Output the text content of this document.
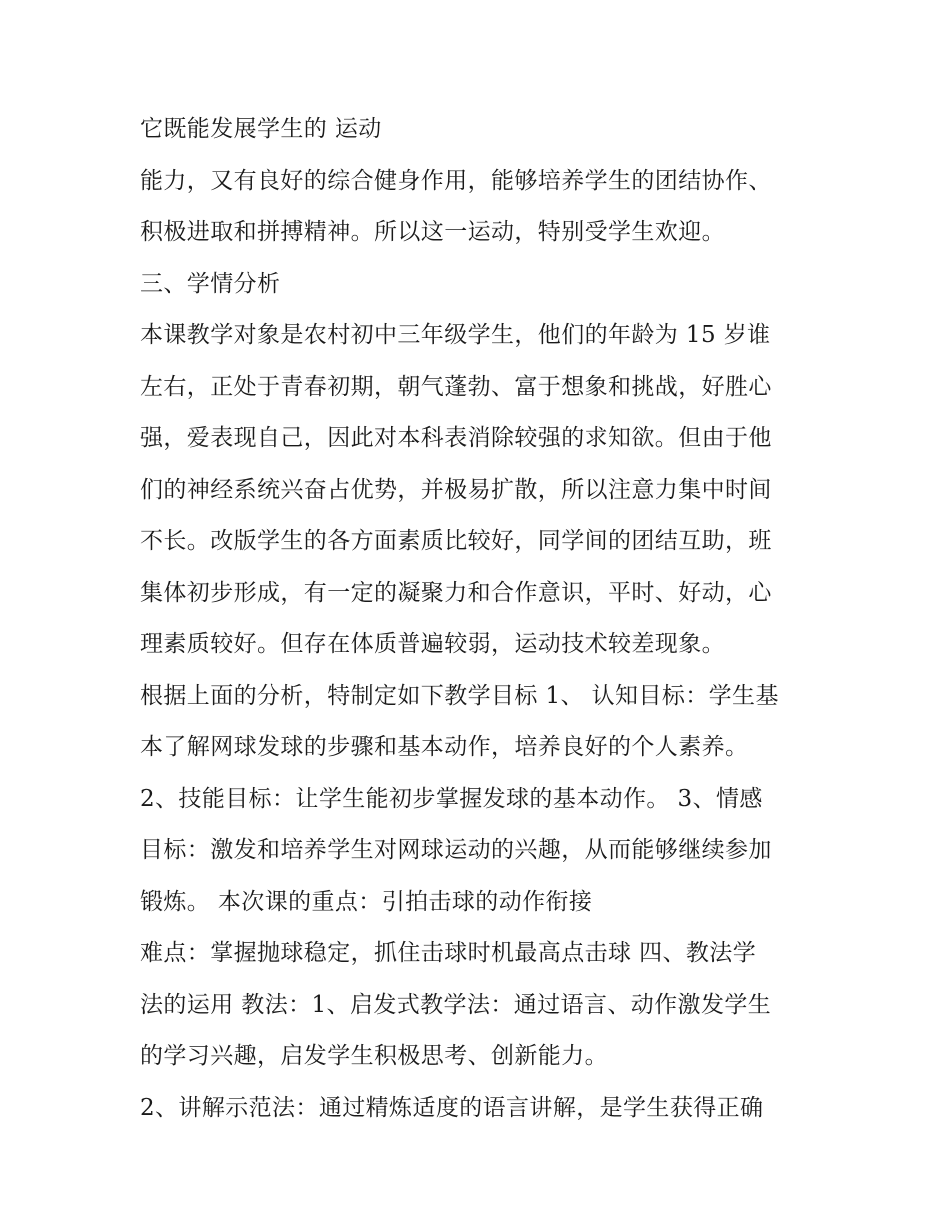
它既能发展学生的 运动
能力，又有良好的综合健身作用，能够培养学生的团结协作、
积极进取和拼搏精神。所以这一运动，特别受学生欢迎。
三、学情分析
本课教学对象是农村初中三年级学生，他们的年龄为 15 岁谁
左右，正处于青春初期，朝气蓬勃、富于想象和挑战，好胜心
强，爱表现自己，因此对本科表消除较强的求知欲。但由于他
们的神经系统兴奋占优势，并极易扩散，所以注意力集中时间
不长。改版学生的各方面素质比较好，同学间的团结互助，班
集体初步形成，有一定的凝聚力和合作意识，平时、好动，心
理素质较好。但存在体质普遍较弱，运动技术较差现象。
根据上面的分析，特制定如下教学目标 1、 认知目标：学生基
本了解网球发球的步骤和基本动作，培养良好的个人素养。
2、技能目标：让学生能初步掌握发球的基本动作。 3、情感
目标：激发和培养学生对网球运动的兴趣，从而能够继续参加
锻炼。 本次课的重点：引拍击球的动作衔接
难点：掌握抛球稳定，抓住击球时机最高点击球 四、教法学
法的运用 教法：1、启发式教学法：通过语言、动作激发学生
的学习兴趣，启发学生积极思考、创新能力。
2、讲解示范法：通过精炼适度的语言讲解，是学生获得正确
